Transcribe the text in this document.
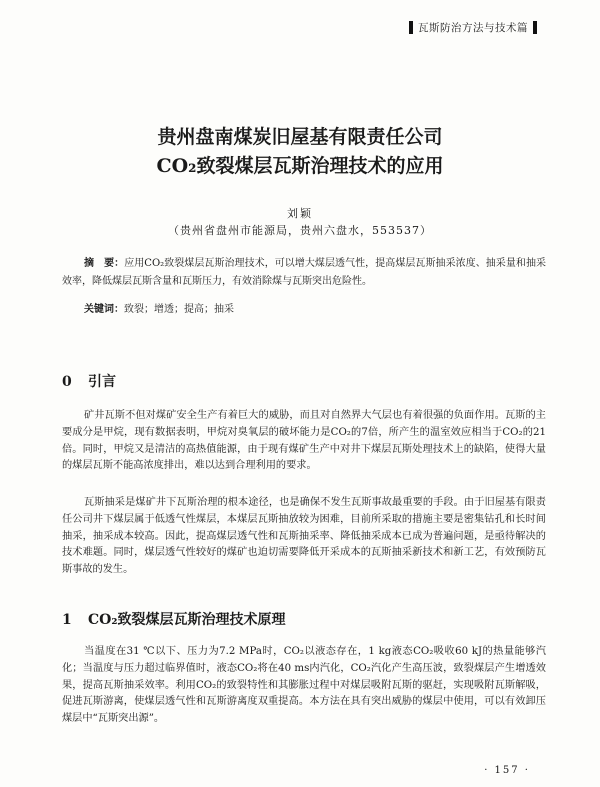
瓦斯防治方法与技术篇
贵州盘南煤炭旧屋基有限责任公司
CO₂致裂煤层瓦斯治理技术的应用
刘颖
（贵州省盘州市能源局，贵州六盘水，553537）
摘　要：应用CO₂致裂煤层瓦斯治理技术，可以增大煤层透气性，提高煤层瓦斯抽采浓度、抽采量和抽采效率，降低煤层瓦斯含量和瓦斯压力，有效消除煤与瓦斯突出危险性。
关键词：致裂；增透；提高；抽采
0 引言

矿井瓦斯不但对煤矿安全生产有着巨大的威胁，而且对自然界大气层也有着很强的负面作用。瓦斯的主要成分是甲烷，现有数据表明，甲烷对臭氧层的破坏能力是CO₂的7倍，所产生的温室效应相当于CO₂的21倍。同时，甲烷又是清洁的高热值能源，由于现有煤矿生产中对井下煤层瓦斯处理技术上的缺陷，使得大量的煤层瓦斯不能高浓度排出，难以达到合理利用的要求。

瓦斯抽采是煤矿井下瓦斯治理的根本途径，也是确保不发生瓦斯事故最重要的手段。由于旧屋基有限责任公司井下煤层属于低透气性煤层，本煤层瓦斯抽放较为困难，目前所采取的措施主要是密集钻孔和长时间抽采，抽采成本较高。因此，提高煤层透气性和瓦斯抽采率、降低抽采成本已成为普遍问题，是亟待解决的技术难题。同时，煤层透气性较好的煤矿也迫切需要降低开采成本的瓦斯抽采新技术和新工艺，有效预防瓦斯事故的发生。

1 CO₂致裂煤层瓦斯治理技术原理

当温度在31 ℃以下、压力为7.2 MPa时，CO₂以液态存在，1 kg液态CO₂吸收60 kJ的热量能够汽化；当温度与压力超过临界值时，液态CO₂将在40 ms内汽化，CO₂汽化产生高压波，致裂煤层产生增透效果，提高瓦斯抽采效率。利用CO₂的致裂特性和其膨胀过程中对煤层吸附瓦斯的驱赶，实现吸附瓦斯解吸，促进瓦斯游离，使煤层透气性和瓦斯游离度双重提高。本方法在具有突出威胁的煤层中使用，可以有效卸压煤层中“瓦斯突出源”。

· 157 ·
